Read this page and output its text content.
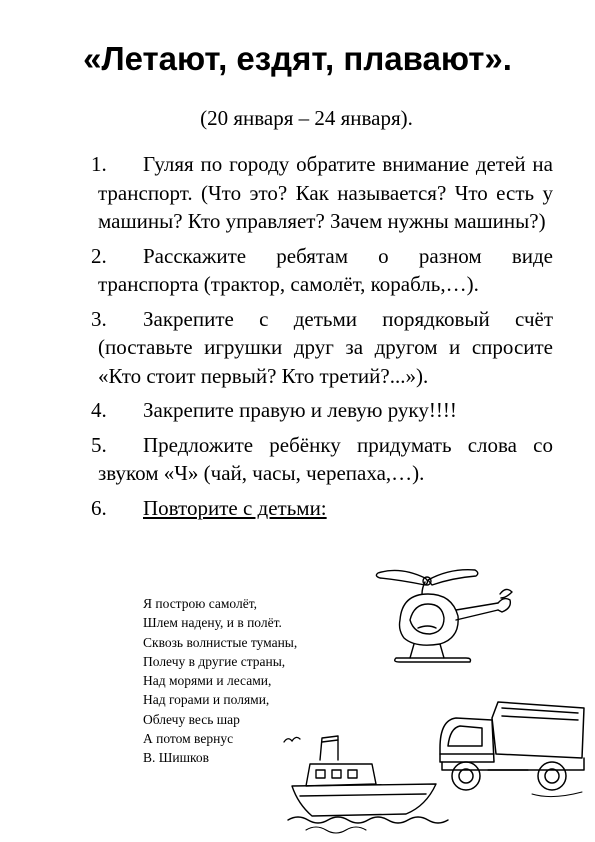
«Летают, ездят, плавают».
(20 января – 24 января).
1.	Гуляя по городу обратите внимание детей на транспорт. (Что это? Как называется? Что есть у машины? Кто управляет? Зачем нужны машины?)
2.	Расскажите ребятам о разном виде транспорта (трактор, самолёт, корабль,…).
3.	Закрепите с детьми порядковый счёт (поставьте игрушки друг за другом и спросите «Кто стоит первый? Кто третий?...»).
4.	Закрепите правую и левую руку!!!!
5.	Предложите ребёнку придумать слова со звуком «Ч» (чай, часы, черепаха,…).
6. Повторите с детьми:
Я построю самолёт,
Шлем надену, и в полёт.
Сквозь волнистые туманы,
Полечу в другие страны,
Над морями и лесами,
Над горами и полями,
Облечу весь шар
А потом вернус
В. Шишков
